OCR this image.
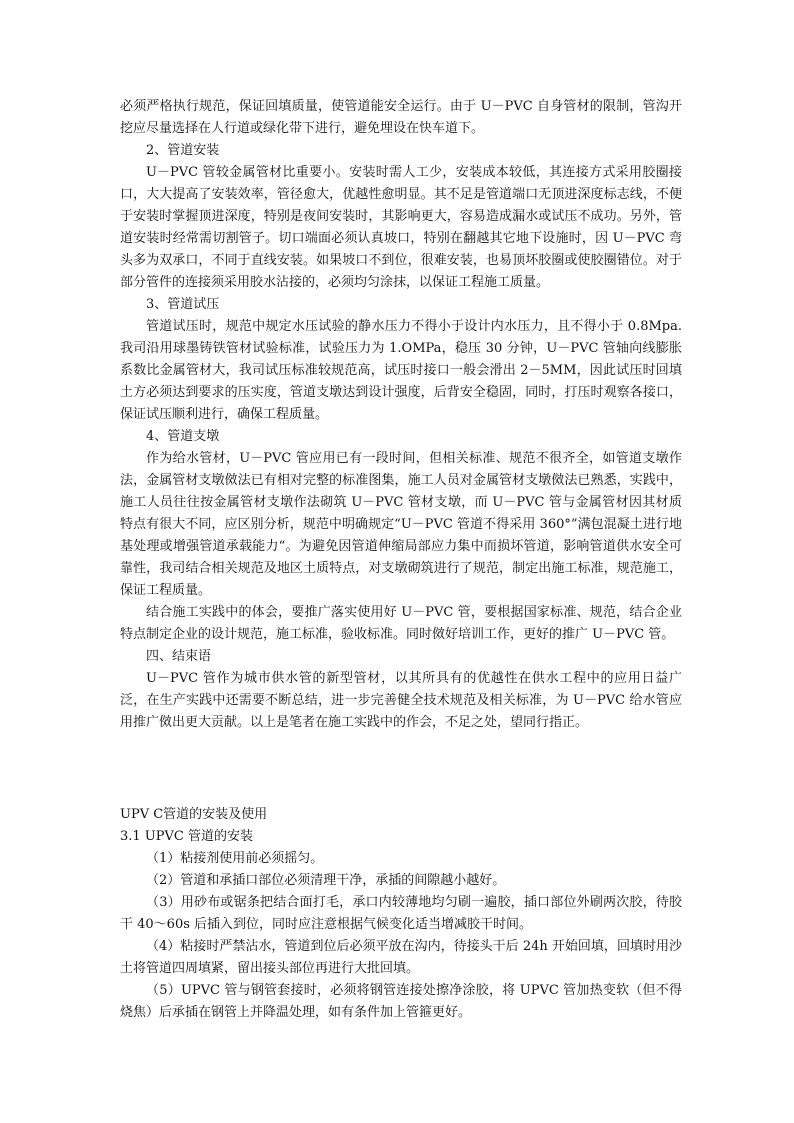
必须严格执行规范，保证回填质量，使管道能安全运行。由于 U－PVC 自身管材的限制，管沟开挖应尽量选择在人行道或绿化带下进行，避免埋设在快车道下。

2、管道安装

U－PVC 管较金属管材比重要小。安装时需人工少，安装成本较低，其连接方式采用胶圈接口，大大提高了安装效率，管径愈大，优越性愈明显。其不足是管道端口无顶进深度标志线，不便于安装时掌握顶进深度，特别是夜间安装时，其影响更大，容易造成漏水或试压不成功。另外，管道安装时经常需切割管子。切口端面必须认真坡口，特别在翻越其它地下设施时，因 U－PVC 弯头多为双承口，不同于直线安装。如果坡口不到位，很难安装，也易顶坏胶圈或使胶圈错位。对于部分管件的连接须采用胶水沾接的，必须均匀涂抹，以保证工程施工质量。

3、管道试压

管道试压时，规范中规定水压试验的静水压力不得小于设计内水压力，且不得小于 0.8Mpa.我司沿用球墨铸铁管材试验标准，试验压力为 1.OMPa，稳压 30 分钟，U－PVC 管轴向线膨胀系数比金属管材大，我司试压标准较规范高，试压时接口一般会滑出 2－5MM，因此试压时回填土方必须达到要求的压实度，管道支墩达到设计强度，后背安全稳固，同时，打压时观察各接口，保证试压顺利进行，确保工程质量。

4、管道支墩

作为给水管材，U－PVC 管应用已有一段时间，但相关标准、规范不很齐全，如管道支墩作法，金属管材支墩傚法已有相对完整的标准图集，施工人员对金属管材支墩傚法已熟悉，实践中，施工人员往往按金属管材支墩作法砌筑 U－PVC 管材支墩，而 U－PVC 管与金属管材因其材质特点有很大不同，应区别分析，规范中明确规定“U－PVC 管道不得采用 360°”满包混凝土进行地基处理或增强管道承载能力“。为避免因管道伸缩局部应力集中而损坏管道，影响管道供水安全可靠性，我司结合相关规范及地区土质特点，对支墩砌筑进行了规范，制定出施工标准，规范施工，保证工程质量。

结合施工实践中的体会，要推广落实使用好 U－PVC 管，要根据国家标准、规范，结合企业特点制定企业的设计规范，施工标准，验收标准。同时傚好培训工作，更好的推广 U－PVC 管。

四、结束语

U－PVC 管作为城市供水管的新型管材，以其所具有的优越性在供水工程中的应用日益广泛，在生产实践中还需要不断总结，进一步完善健全技术规范及相关标准，为 U－PVC 给水管应用推广傚出更大贡献。以上是笔者在施工实践中的作会，不足之处，望同行指正。

UPV C管道的安装及使用

3.1 UPVC 管道的安装

（1）粘接剂使用前必须摇匀。

（2）管道和承插口部位必须清理干净，承插的间隙越小越好。

（3）用砂布或锯条把结合面打毛，承口内较薄地均匀刷一遍胶，插口部位外刷两次胶，待胶干 40～60s 后插入到位，同时应注意根据气候变化适当增减胶干时间。

（4）粘接时严禁沾水，管道到位后必须平放在沟内，待接头干后 24h 开始回填，回填时用沙土将管道四周填紧，留出接头部位再进行大批回填。

（5）UPVC 管与钢管套接时，必须将钢管连接处擦净涂胶，将 UPVC 管加热变软（但不得烧焦）后承插在钢管上并降温处理，如有条件加上管箍更好。
